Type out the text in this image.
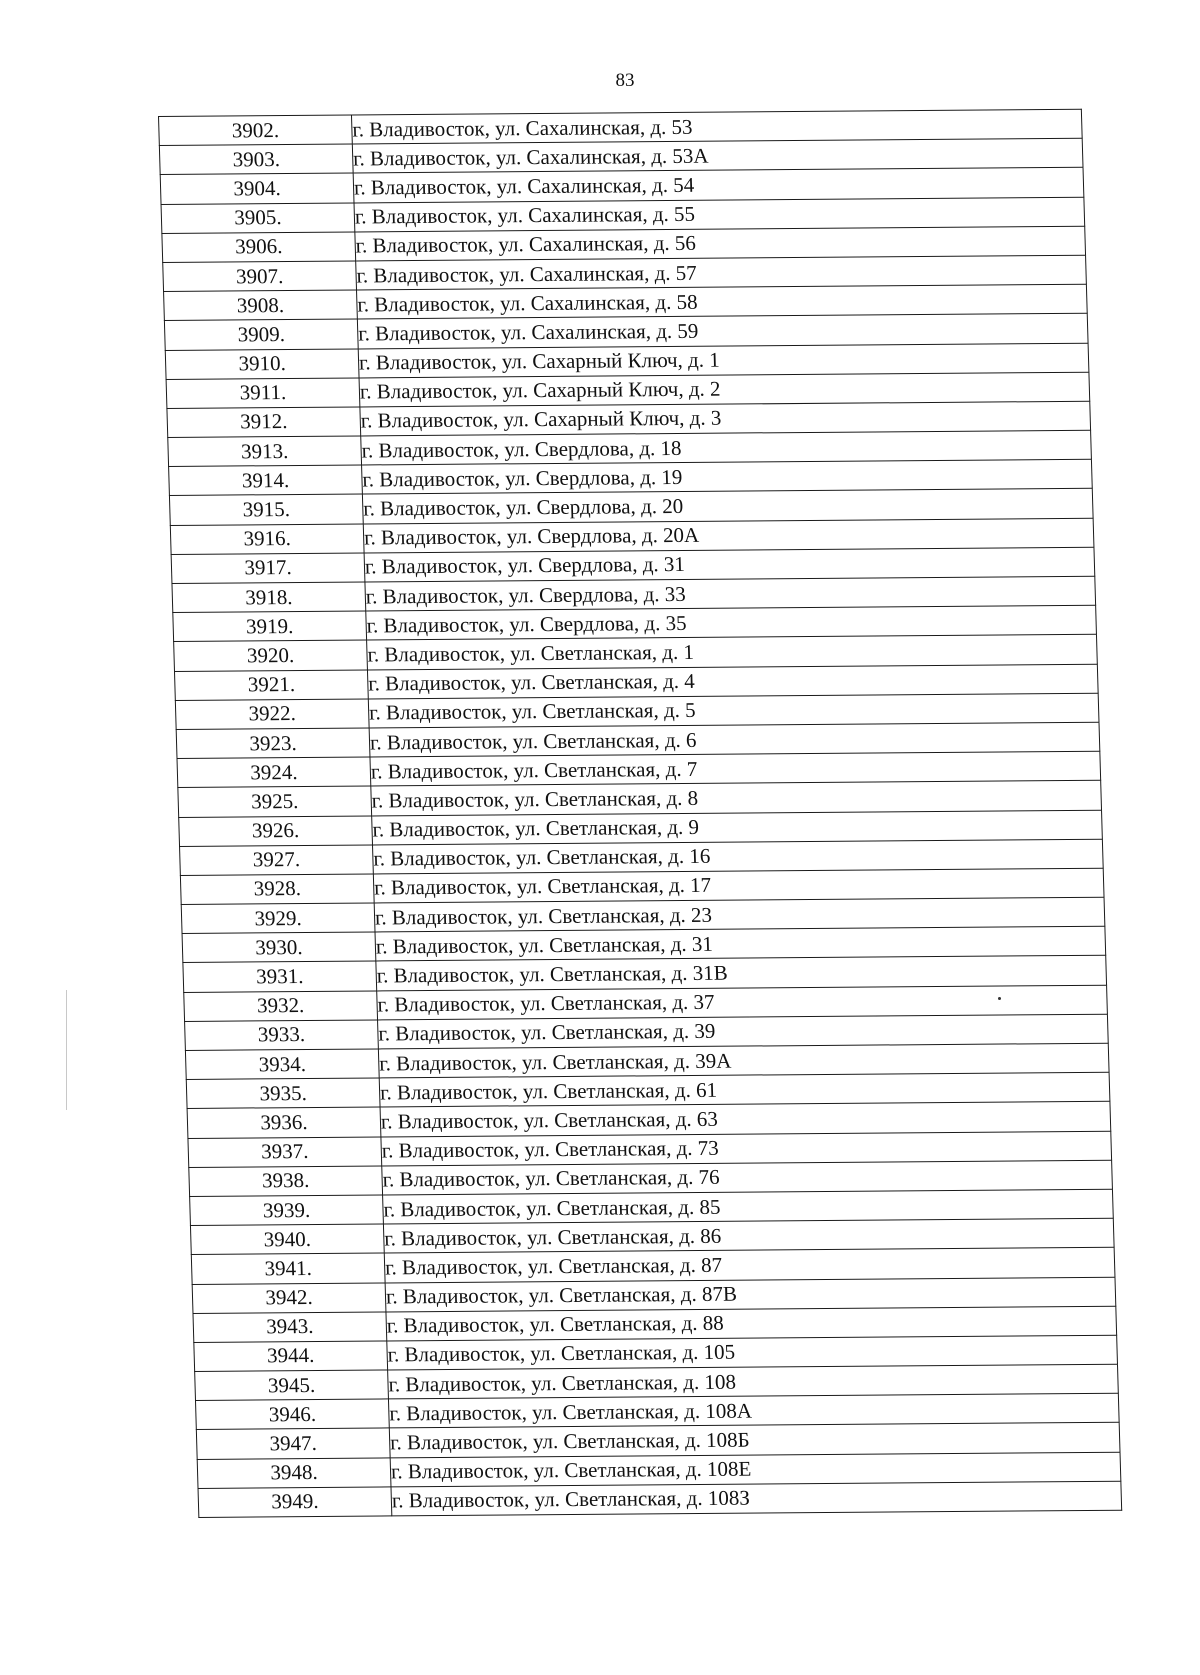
83
3902.	г. Владивосток, ул. Сахалинская, д. 53
3903.	г. Владивосток, ул. Сахалинская, д. 53А
3904.	г. Владивосток, ул. Сахалинская, д. 54
3905.	г. Владивосток, ул. Сахалинская, д. 55
3906.	г. Владивосток, ул. Сахалинская, д. 56
3907.	г. Владивосток, ул. Сахалинская, д. 57
3908.	г. Владивосток, ул. Сахалинская, д. 58
3909.	г. Владивосток, ул. Сахалинская, д. 59
3910.	г. Владивосток, ул. Сахарный Ключ, д. 1
3911.	г. Владивосток, ул. Сахарный Ключ, д. 2
3912.	г. Владивосток, ул. Сахарный Ключ, д. 3
3913.	г. Владивосток, ул. Свердлова, д. 18
3914.	г. Владивосток, ул. Свердлова, д. 19
3915.	г. Владивосток, ул. Свердлова, д. 20
3916.	г. Владивосток, ул. Свердлова, д. 20А
3917.	г. Владивосток, ул. Свердлова, д. 31
3918.	г. Владивосток, ул. Свердлова, д. 33
3919.	г. Владивосток, ул. Свердлова, д. 35
3920.	г. Владивосток, ул. Светланская, д. 1
3921.	г. Владивосток, ул. Светланская, д. 4
3922.	г. Владивосток, ул. Светланская, д. 5
3923.	г. Владивосток, ул. Светланская, д. 6
3924.	г. Владивосток, ул. Светланская, д. 7
3925.	г. Владивосток, ул. Светланская, д. 8
3926.	г. Владивосток, ул. Светланская, д. 9
3927.	г. Владивосток, ул. Светланская, д. 16
3928.	г. Владивосток, ул. Светланская, д. 17
3929.	г. Владивосток, ул. Светланская, д. 23
3930.	г. Владивосток, ул. Светланская, д. 31
3931.	г. Владивосток, ул. Светланская, д. 31В
3932.	г. Владивосток, ул. Светланская, д. 37
3933.	г. Владивосток, ул. Светланская, д. 39
3934.	г. Владивосток, ул. Светланская, д. 39А
3935.	г. Владивосток, ул. Светланская, д. 61
3936.	г. Владивосток, ул. Светланская, д. 63
3937.	г. Владивосток, ул. Светланская, д. 73
3938.	г. Владивосток, ул. Светланская, д. 76
3939.	г. Владивосток, ул. Светланская, д. 85
3940.	г. Владивосток, ул. Светланская, д. 86
3941.	г. Владивосток, ул. Светланская, д. 87
3942.	г. Владивосток, ул. Светланская, д. 87В
3943.	г. Владивосток, ул. Светланская, д. 88
3944.	г. Владивосток, ул. Светланская, д. 105
3945.	г. Владивосток, ул. Светланская, д. 108
3946.	г. Владивосток, ул. Светланская, д. 108А
3947.	г. Владивосток, ул. Светланская, д. 108Б
3948.	г. Владивосток, ул. Светланская, д. 108Е
3949.	г. Владивосток, ул. Светланская, д. 108З
